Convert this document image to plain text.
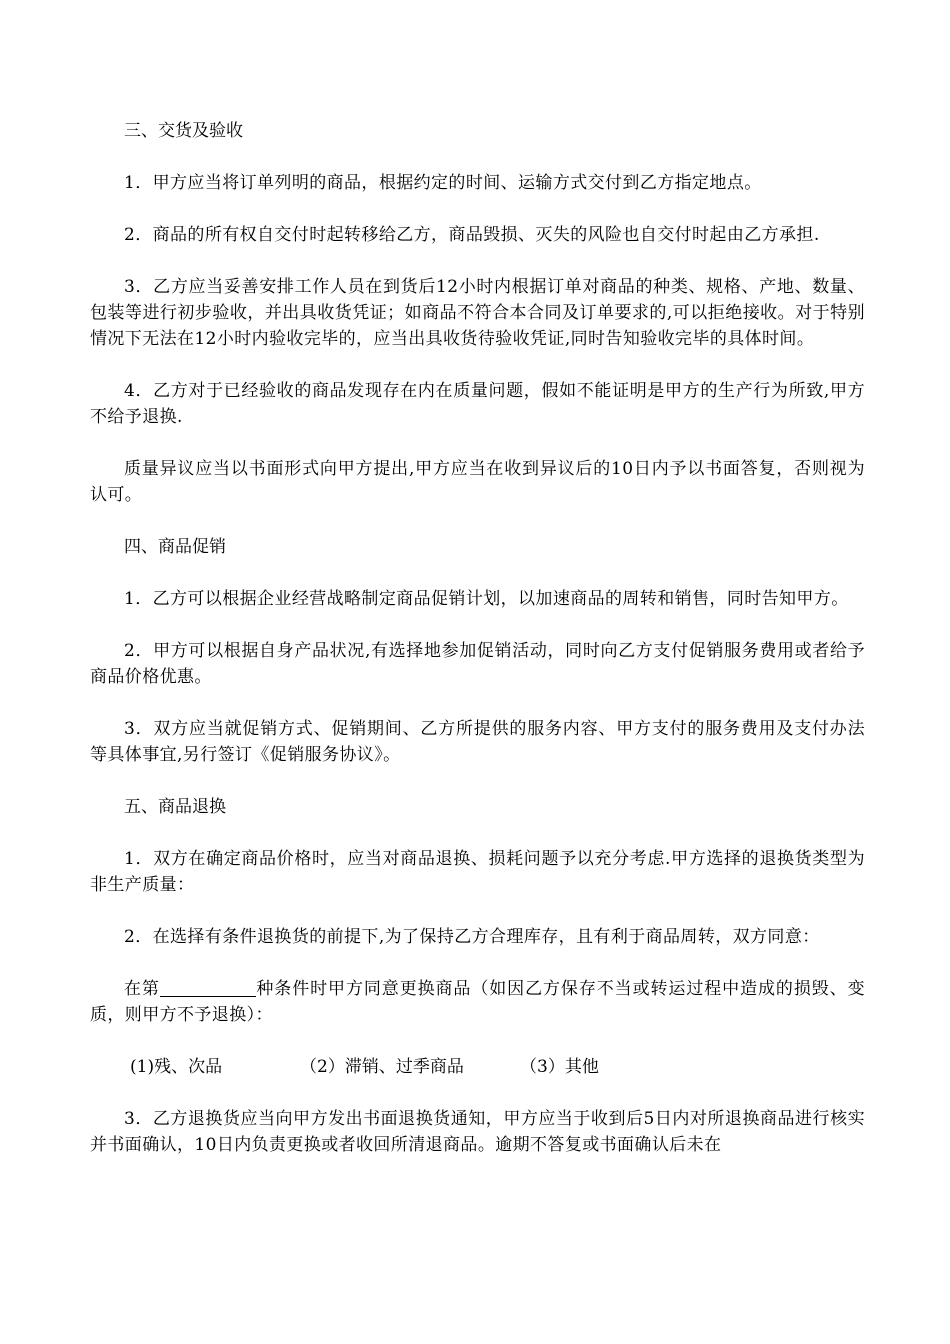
三、交货及验收

1．甲方应当将订单列明的商品，根据约定的时间、运输方式交付到乙方指定地点。

2．商品的所有权自交付时起转移给乙方，商品毁损、灭失的风险也自交付时起由乙方承担.

3．乙方应当妥善安排工作人员在到货后12小时内根据订单对商品的种类、规格、产地、数量、包装等进行初步验收，并出具收货凭证；如商品不符合本合同及订单要求的,可以拒绝接收。对于特别情况下无法在12小时内验收完毕的，应当出具收货待验收凭证,同时告知验收完毕的具体时间。

4．乙方对于已经验收的商品发现存在内在质量问题，假如不能证明是甲方的生产行为所致,甲方不给予退换.

质量异议应当以书面形式向甲方提出,甲方应当在收到异议后的10日内予以书面答复，否则视为认可。

四、商品促销

1．乙方可以根据企业经营战略制定商品促销计划，以加速商品的周转和销售，同时告知甲方。

2．甲方可以根据自身产品状况,有选择地参加促销活动，同时向乙方支付促销服务费用或者给予商品价格优惠。

3．双方应当就促销方式、促销期间、乙方所提供的服务内容、甲方支付的服务费用及支付办法等具体事宜,另行签订《促销服务协议》。

五、商品退换

1．双方在确定商品价格时，应当对商品退换、损耗问题予以充分考虑.甲方选择的退换货类型为非生产质量：

2．在选择有条件退换货的前提下,为了保持乙方合理库存，且有利于商品周转，双方同意：

在第	种条件时甲方同意更换商品（如因乙方保存不当或转运过程中造成的损毁、变质，则甲方不予退换）：

(1)残、次品	（2）滞销、过季商品	（3）其他

3．乙方退换货应当向甲方发出书面退换货通知，甲方应当于收到后5日内对所退换商品进行核实并书面确认，10日内负责更换或者收回所清退商品。逾期不答复或书面确认后未在
